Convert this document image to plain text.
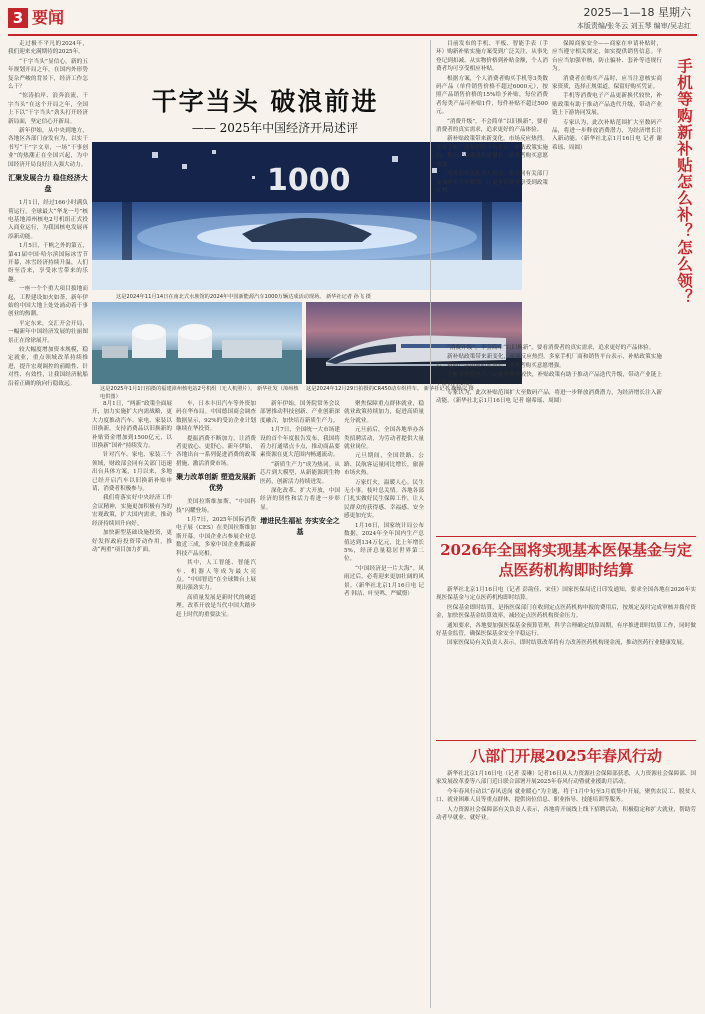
3 要闻	2025—1—18 星期六
本版责编/张冬云 刘玉琴 编审/吴志红
干字当头 破浪前进
—— 2025年中国经济开局述评

走过极不平凡的2024年，我们迎来充满期待的2025年。

“干字当头”显信心。新的五年规划开局之年，在国内外形势复杂严峻的背景下，经济工作怎么干？

“惊涛拍岸、浪奔浪流，干字当头”在这个开局之年，全国上下以“干字当头”劲头打开经济新局面，坚定信心开新局。

新年伊始，从中央到地方，各地区各部门奋发有为，以实干书写“干”字文章，一场“干事创业”的热潮正在全国兴起，为中国经济开局良好注入强大动力。

汇聚发展合力 稳住经济大盘

1月1日，经过166小时满负荷运行，全球最大“华龙一号”核电基地漳州核电2号机组正式投入商业运行，为我国核电发展再添新动能。

1月5日，千帆之外的第五，第41届中国·哈尔滨国际冰雪节开幕，冰雪经济持续升温，人们纷至沓来，享受冰雪带来的乐趣。

一座一个个重大项目拔地而起，工程建设如火如荼，新年伊始的中国大地上处处涌动着干事创业的热潮。

平定东来，交汇开会开局，一幅新年中国经济发展的壮丽图景正在徐徐展开。

较大幅度增加资本规模，稳定就业，重点领域改革持续推进，提升宏观调控的前瞻性、针对性、有效性，让我国经济航船沿着正确的航向行稳致远。

1000
这是2024年11月14日在南北式水族馆的2024年中国新能源汽车1000万辆达成活动现场。 新华社记者 孙飞 摄
这是2025年1月1日拍摄的福建漳州核电站2号机组（无人机照片）。 新华社发（漳州核电供图）
这是2024年12月29日拍摄的CR450动车组样车。 新华社记者 鞠焕宗 摄

8月1日，“两新”政策全面展开，加力实施扩大内需战略，更大力度推动汽车、家电、家装以旧换新，支持消费品以旧换新的补贴资金增加到1500亿元，以旧换新“国补”持续发力。

针对汽车、家电、家装三个领域，财政部会同有关部门迅速出台具体方案，1月以来，多地已经开启汽车以旧换新补贴申请，消费者积极参与。

我们将落实好中央经济工作会议精神，实施更加积极有为的宏观政策，扩大国内需求，推动经济持续回升向好。

加快新型基础设施投资，更好发挥政府投资带动作用，推动“两重”项目加力扩面。

车，日本丰田汽车等外资加码在华布局。中国德国商会调查数据显示，92%的受访企业计划继续在华投资。

提振消费不断加力，让消费者更放心、更舒心。新年伊始，各地出台一系列促进消费的政策措施，激活消费市场。

聚力改革创新 塑造发展新优势

美国拉斯维加斯，“中国科技”闪耀登场。

1月7日，2025年国际消费电子展（CES）在美国拉斯维加斯开幕，中国企业占参展企业总数近三成，多家中国企业携最新科技产品亮相。

其中，人工智能、智能汽车、机器人等成为最大亮点。“中国智造”在全球舞台上展现出强劲实力。

高质量发展是新时代的硬道理。改革开放是当代中国大踏步赶上时代的重要法宝。

新年伊始，国务院常务会议部署推动科技创新、产业创新深度融合，加快培育新质生产力。

1月7日，全国统一大市场建设的首个年度报告发布，我国将着力打通堵点卡点，推动商品要素资源在更大范围内畅通流动。

“新质生产力”成为热词。从芯片到大模型，从新能源到生物医药，创新活力持续迸发。

深化改革、扩大开放，中国经济的韧性和活力将进一步彰显。

增进民生福祉 夯实安全之基

聚焦保障重点群体就业，稳就业政策持续加力，促进高质量充分就业。

元旦前后，全国各地举办各类招聘活动，为劳动者提供大量就业岗位。

元旦期间，全国铁路、公路、民航客运量同比增长，旅游市场火热。

万家灯火，温暖人心。民生无小事，枝叶总关情。各地各部门扎实做好民生保障工作，让人民群众的获得感、幸福感、安全感更加充实。

1月16日，国家统计局公布数据，2024年全年国内生产总值达到134万亿元，比上年增长5%，经济总量稳居世界第二位。

“中国经济是一片大海”。风雨过后，必将迎来更加壮阔的风景。（新华社北京1月16日电 记者 韩洁、叶昊鸣、严赋憬）

目前发布的手机、平板、智能手表（手环）购新补贴实施方案受到广泛关注，从事先登记到扣减、从实物价格到补贴金额，个人消费者均可享受相应补贴。

根据方案，个人消费者购买手机等3类数码产品（单件销售价格不超过6000元），按照产品销售价格的15%给予补贴，每位消费者每类产品可补贴1件，每件补贴不超过500元。

“消费升级”，不会简单“以旧换新”，要看消费者的真实需求，追求更好的产品体验。

新补贴政策带来新变化，市场反应热烈。多家手机厂商和销售平台表示，补贴政策实施后，数码产品销量明显增长，消费者购买意愿增强。

商务部有关负责人表示，将会同有关部门加强政策宣传解读，让更多消费者享受到政策红利。

保障商家安全——商家在申请补贴时，应当遵守相关规定，如实提供销售信息。平台应当加强审核，防止骗补、套补等违规行为。

消费者在购买产品时，应当注意核实商家资质，选择正规渠道，保留好购买凭证。

手机等消费电子产品更新换代较快，补贴政策有助于推动产品迭代升级，带动产业链上下游协同发展。

专家认为，此次补贴范围扩大至数码产品，将进一步释放消费潜力，为经济增长注入新动能。（新华社北京1月16日电 记者 谢希瑶、周圆）	手机等购新补贴怎么补？怎么领？

“消费升级”，不会简单“以旧换新”，要看消费者的真实需求，追求更好的产品体验。

新补贴政策带来新变化，市场反应热烈。多家手机厂商和销售平台表示，补贴政策实施后，数码产品销量明显增长，消费者购买意愿增强。

手机等消费电子产品更新换代较快，补贴政策有助于推动产品迭代升级，带动产业链上下游协同发展。

专家认为，此次补贴范围扩大至数码产品，将进一步释放消费潜力，为经济增长注入新动能。（新华社北京1月16日电 记者 谢希瑶、周圆）

2026年全国将实现基本医保基金与定点医药机构即时结算

新华社北京1月16日电（记者 彭韵佳、宋佳）国家医保局近日印发通知，要求全国各地在2026年实现医保基金与定点医药机构即时结算。

医保基金即时结算，是指医保部门在收到定点医药机构申报的费用后，按规定及时完成审核并拨付资金，加快医保基金结算效率，减轻定点医药机构资金压力。

通知要求，各地要加强医保基金预算管理，科学合理确定结算周期，有序推进即时结算工作，同时做好基金监管，确保医保基金安全平稳运行。

国家医保局有关负责人表示，即时结算改革将有力改善医药机构现金流，推动医药行业健康发展。

八部门开展2025年春风行动

新华社北京1月16日电（记者 姜琳）记者16日从人力资源社会保障部获悉，人力资源社会保障部、国家发展改革委等八部门近日联合部署开展2025年春风行动暨就业援助月活动。

今年春风行动以“春风送岗 就业暖心”为主题，将于1月中旬至3月底集中开展，聚焦农民工、脱贫人口、就业困难人员等重点群体，提供岗位信息、职业指导、技能培训等服务。

人力资源社会保障部有关负责人表示，各地将开展线上线下招聘活动，积极稳定和扩大就业，帮助劳动者早就业、就好业。
